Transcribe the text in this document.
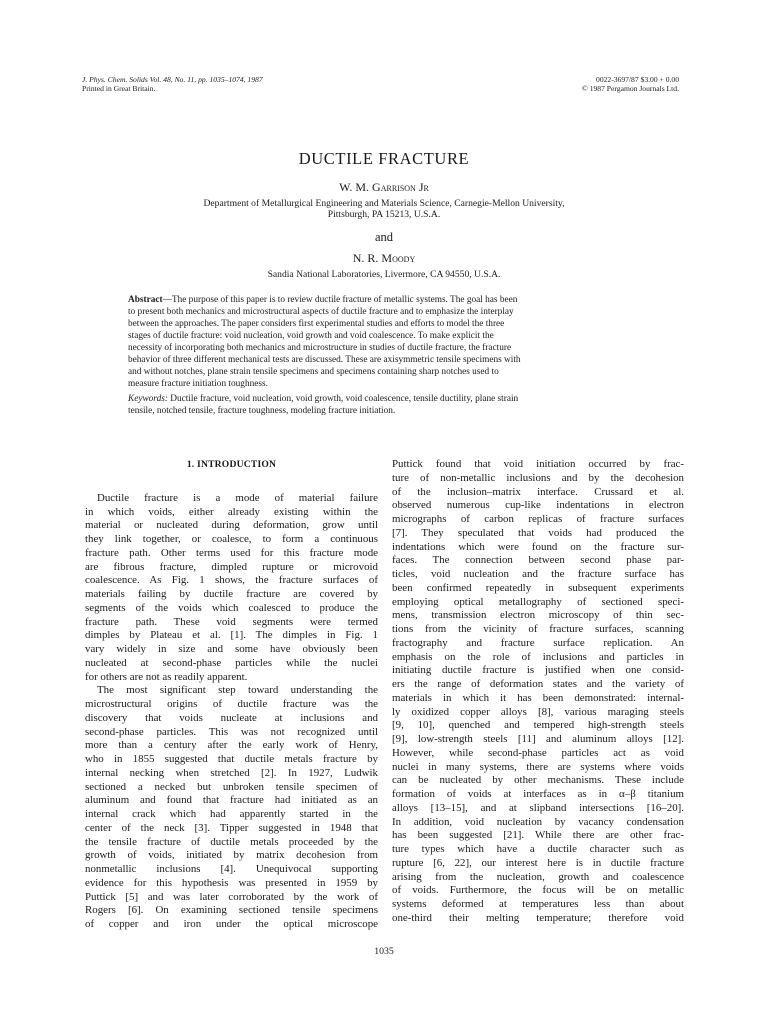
J. Phys. Chem. Solids Vol. 48, No. 11, pp. 1035–1074, 1987
Printed in Great Britain.
0022-3697/87 $3.00 + 0.00
© 1987 Pergamon Journals Ltd.
DUCTILE FRACTURE
W. M. Garrison Jr
Department of Metallurgical Engineering and Materials Science, Carnegie-Mellon University,
Pittsburgh, PA 15213, U.S.A.
and
N. R. Moody
Sandia National Laboratories, Livermore, CA 94550, U.S.A.
Abstract—The purpose of this paper is to review ductile fracture of metallic systems. The goal has been
to present both mechanics and microstructural aspects of ductile fracture and to emphasize the interplay
between the approaches. The paper considers first experimental studies and efforts to model the three
stages of ductile fracture: void nucleation, void growth and void coalescence. To make explicit the
necessity of incorporating both mechanics and microstructure in studies of ductile fracture, the fracture
behavior of three different mechanical tests are discussed. These are axisymmetric tensile specimens with
and without notches, plane strain tensile specimens and specimens containing sharp notches used to
measure fracture initiation toughness.
Keywords: Ductile fracture, void nucleation, void growth, void coalescence, tensile ductility, plane strain
tensile, notched tensile, fracture toughness, modeling fracture initiation.
1. INTRODUCTION
Ductile fracture is a mode of material failure
in which voids, either already existing within the
material or nucleated during deformation, grow until
they link together, or coalesce, to form a continuous
fracture path. Other terms used for this fracture mode
are fibrous fracture, dimpled rupture or microvoid
coalescence. As Fig. 1 shows, the fracture surfaces of
materials failing by ductile fracture are covered by
segments of the voids which coalesced to produce the
fracture path. These void segments were termed
dimples by Plateau et al. [1]. The dimples in Fig. 1
vary widely in size and some have obviously been
nucleated at second-phase particles while the nuclei
for others are not as readily apparent.
The most significant step toward understanding the
microstructural origins of ductile fracture was the
discovery that voids nucleate at inclusions and
second-phase particles. This was not recognized until
more than a century after the early work of Henry,
who in 1855 suggested that ductile metals fracture by
internal necking when stretched [2]. In 1927, Ludwik
sectioned a necked but unbroken tensile specimen of
aluminum and found that fracture had initiated as an
internal crack which had apparently started in the
center of the neck [3]. Tipper suggested in 1948 that
the tensile fracture of ductile metals proceeded by the
growth of voids, initiated by matrix decohesion from
nonmetallic inclusions [4]. Unequivocal supporting
evidence for this hypothesis was presented in 1959 by
Puttick [5] and was later corroborated by the work of
Rogers [6]. On examining sectioned tensile specimens
of copper and iron under the optical microscope
Puttick found that void initiation occurred by frac-
ture of non-metallic inclusions and by the decohesion
of the inclusion–matrix interface. Crussard et al.
observed numerous cup-like indentations in electron
micrographs of carbon replicas of fracture surfaces
[7]. They speculated that voids had produced the
indentations which were found on the fracture sur-
faces. The connection between second phase par-
ticles, void nucleation and the fracture surface has
been confirmed repeatedly in subsequent experiments
employing optical metallography of sectioned speci-
mens, transmission electron microscopy of thin sec-
tions from the vicinity of fracture surfaces, scanning
fractography and fracture surface replication. An
emphasis on the role of inclusions and particles in
initiating ductile fracture is justified when one consid-
ers the range of deformation states and the variety of
materials in which it has been demonstrated: internal-
ly oxidized copper alloys [8], various maraging steels
[9, 10], quenched and tempered high-strength steels
[9], low-strength steels [11] and aluminum alloys [12].
However, while second-phase particles act as void
nuclei in many systems, there are systems where voids
can be nucleated by other mechanisms. These include
formation of voids at interfaces as in α–β titanium
alloys [13–15], and at slipband intersections [16–20].
In addition, void nucleation by vacancy condensation
has been suggested [21]. While there are other frac-
ture types which have a ductile character such as
rupture [6, 22], our interest here is in ductile fracture
arising from the nucleation, growth and coalescence
of voids. Furthermore, the focus will be on metallic
systems deformed at temperatures less than about
one-third their melting temperature; therefore void
1035
